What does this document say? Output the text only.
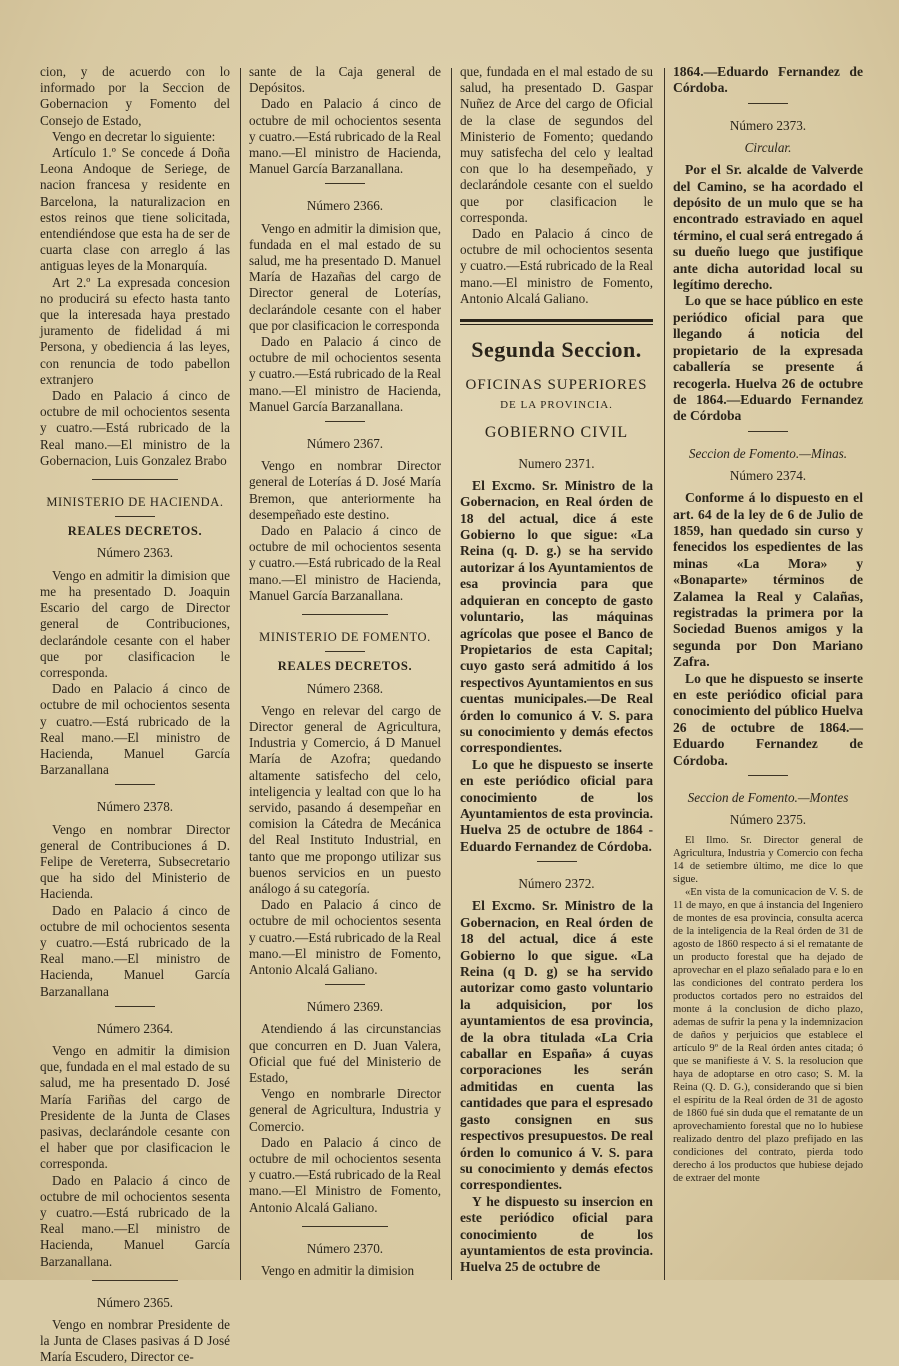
cion, y de acuerdo con lo informado por la Seccion de Gobernacion y Fomento del Consejo de Estado,

Vengo en decretar lo siguiente:

Artículo 1.º Se concede á Doña Leona Andoque de Seriege, de nacion francesa y residente en Barcelona, la naturalizacion en estos reinos que tiene solicitada, entendiéndose que esta ha de ser de cuarta clase con arreglo á las antiguas leyes de la Monarquía.

Art 2.º La expresada concesion no producirá su efecto hasta tanto que la interesada haya prestado juramento de fidelidad á mi Persona, y obediencia á las leyes, con renuncia de todo pabellon extranjero

Dado en Palacio á cinco de octubre de mil ochocientos sesenta y cuatro.—Está rubricado de la Real mano.—El ministro de la Gobernacion, Luis Gonzalez Brabo

MINISTERIO DE HACIENDA.

REALES DECRETOS.

Número 2363.

Vengo en admitir la dimision que me ha presentado D. Joaquin Escario del cargo de Director general de Contribuciones, declarándole cesante con el haber que por clasificacion le corresponda.

Dado en Palacio á cinco de octubre de mil ochocientos sesenta y cuatro.—Está rubricado de la Real mano.—El ministro de Hacienda, Manuel García Barzanallana

Número 2378.

Vengo en nombrar Director general de Contribuciones á D. Felipe de Vereterra, Subsecretario que ha sido del Ministerio de Hacienda.

Dado en Palacio á cinco de octubre de mil ochocientos sesenta y cuatro.—Está rubricado de la Real mano.—El ministro de Hacienda, Manuel García Barzanallana

Número 2364.

Vengo en admitir la dimision que, fundada en el mal estado de su salud, me ha presentado D. José María Fariñas del cargo de Presidente de la Junta de Clases pasivas, declarándole cesante con el haber que por clasificacion le corresponda.

Dado en Palacio á cinco de octubre de mil ochocientos sesenta y cuatro.—Está rubricado de la Real mano.—El ministro de Hacienda, Manuel García Barzanallana.

Número 2365.

Vengo en nombrar Presidente de la Junta de Clases pasivas á D José María Escudero, Director ce-

sante de la Caja general de Depósitos.

Dado en Palacio á cinco de octubre de mil ochocientos sesenta y cuatro.—Está rubricado de la Real mano.—El ministro de Hacienda, Manuel García Barzanallana.

Número 2366.

Vengo en admitir la dimision que, fundada en el mal estado de su salud, me ha presentado D. Manuel María de Hazañas del cargo de Director general de Loterías, declarándole cesante con el haber que por clasificacion le corresponda

Dado en Palacio á cinco de octubre de mil ochocientos sesenta y cuatro.—Está rubricado de la Real mano.—El ministro de Hacienda, Manuel García Barzanallana.

Número 2367.

Vengo en nombrar Director general de Loterías á D. José María Bremon, que anteriormente ha desempeñado este destino.

Dado en Palacio á cinco de octubre de mil ochocientos sesenta y cuatro.—Está rubricado de la Real mano.—El ministro de Hacienda, Manuel García Barzanallana.

MINISTERIO DE FOMENTO.

REALES DECRETOS.

Número 2368.

Vengo en relevar del cargo de Director general de Agricultura, Industria y Comercio, á D Manuel María de Azofra; quedando altamente satisfecho del celo, inteligencia y lealtad con que lo ha servido, pasando á desempeñar en comision la Cátedra de Mecánica del Real Instituto Industrial, en tanto que me propongo utilizar sus buenos servicios en un puesto análogo á su categoría.

Dado en Palacio á cinco de octubre de mil ochocientos sesenta y cuatro.—Está rubricado de la Real mano.—El ministro de Fomento, Antonio Alcalá Galiano.

Número 2369.

Atendiendo á las circunstancias que concurren en D. Juan Valera, Oficial que fué del Ministerio de Estado,

Vengo en nombrarle Director general de Agricultura, Industria y Comercio.

Dado en Palacio á cinco de octubre de mil ochocientos sesenta y cuatro.—Está rubricado de la Real mano.—El Ministro de Fomento, Antonio Alcalá Galiano.

Número 2370.

Vengo en admitir la dimision

que, fundada en el mal estado de su salud, ha presentado D. Gaspar Nuñez de Arce del cargo de Oficial de la clase de segundos del Ministerio de Fomento; quedando muy satisfecha del celo y lealtad con que lo ha desempeñado, y declarándole cesante con el sueldo que por clasificacion le corresponda.

Dado en Palacio á cinco de octubre de mil ochocientos sesenta y cuatro.—Está rubricado de la Real mano.—El ministro de Fomento, Antonio Alcalá Galiano.

Segunda Seccion.
OFICINAS SUPERIORES
DE LA PROVINCIA.
GOBIERNO CIVIL

Numero 2371.

El Excmo. Sr. Ministro de la Gobernacion, en Real órden de 18 del actual, dice á este Gobierno lo que sigue: «La Reina (q. D. g.) se ha servido autorizar á los Ayuntamientos de esa provincia para que adquieran en concepto de gasto voluntario, las máquinas agrícolas que posee el Banco de Propietarios de esta Capital; cuyo gasto será admitido á los respectivos Ayuntamientos en sus cuentas municipales.—De Real órden lo comunico á V. S. para su conocimiento y demás efectos correspondientes.

Lo que he dispuesto se inserte en este periódico oficial para conocimiento de los Ayuntamientos de esta provincia. Huelva 25 de octubre de 1864 -Eduardo Fernandez de Córdoba.

Número 2372.

El Excmo. Sr. Ministro de la Gobernacion, en Real órden de 18 del actual, dice á este Gobierno lo que sigue. «La Reina (q D. g) se ha servido autorizar como gasto voluntario la adquisicion, por los ayuntamientos de esa provincia, de la obra titulada «La Cria caballar en España» á cuyas corporaciones les serán admitidas en cuenta las cantidades que para el espresado gasto consignen en sus respectivos presupuestos. De real órden lo comunico á V. S. para su conocimiento y demás efectos correspondientes.

Y he dispuesto su insercion en este periódico oficial para conocimiento de los ayuntamientos de esta provincia. Huelva 25 de octubre de

1864.—Eduardo Fernandez de Córdoba.

Número 2373.

Circular.

Por el Sr. alcalde de Valverde del Camino, se ha acordado el depósito de un mulo que se ha encontrado estraviado en aquel término, el cual será entregado á su dueño luego que justifique ante dicha autoridad local su legítimo derecho.

Lo que se hace público en este periódico oficial para que llegando á noticia del propietario de la expresada caballería se presente á recogerla. Huelva 26 de octubre de 1864.—Eduardo Fernandez de Córdoba

Seccion de Fomento.—Minas.

Número 2374.

Conforme á lo dispuesto en el art. 64 de la ley de 6 de Julio de 1859, han quedado sin curso y fenecidos los espedientes de las minas «La Mora» y «Bonaparte» términos de Zalamea la Real y Calañas, registradas la primera por la Sociedad Buenos amigos y la segunda por Don Mariano Zafra.

Lo que he dispuesto se inserte en este periódico oficial para conocimiento del público Huelva 26 de octubre de 1864.—Eduardo Fernandez de Córdoba.

Seccion de Fomento.—Montes

Número 2375.

El Ilmo. Sr. Director general de Agricultura, Industria y Comercio con fecha 14 de setiembre último, me dice lo que sigue.

«En vista de la comunicacion de V. S. de 11 de mayo, en que á instancia del Ingeniero de montes de esa provincia, consulta acerca de la inteligencia de la Real órden de 31 de agosto de 1860 respecto á si el rematante de un producto forestal que ha dejado de aprovechar en el plazo señalado para e lo en las condiciones del contrato perdera los productos cortados pero no estraidos del monte á la conclusion de dicho plazo, ademas de sufrir la pena y la indemnizacion de daños y perjuicios que establece el artículo 9º de la Real órden antes citada; ó que se manifieste á V. S. la resolucion que haya de adoptarse en otro caso; S. M. la Reina (Q. D. G.), considerando que si bien el espíritu de la Real órden de 31 de agosto de 1860 fué sin duda que el rematante de un aprovechamiento forestal que no lo hubiese realizado dentro del plazo prefijado en las condiciones del contrato, pierda todo derecho á los productos que hubiese dejado de extraer del monte
